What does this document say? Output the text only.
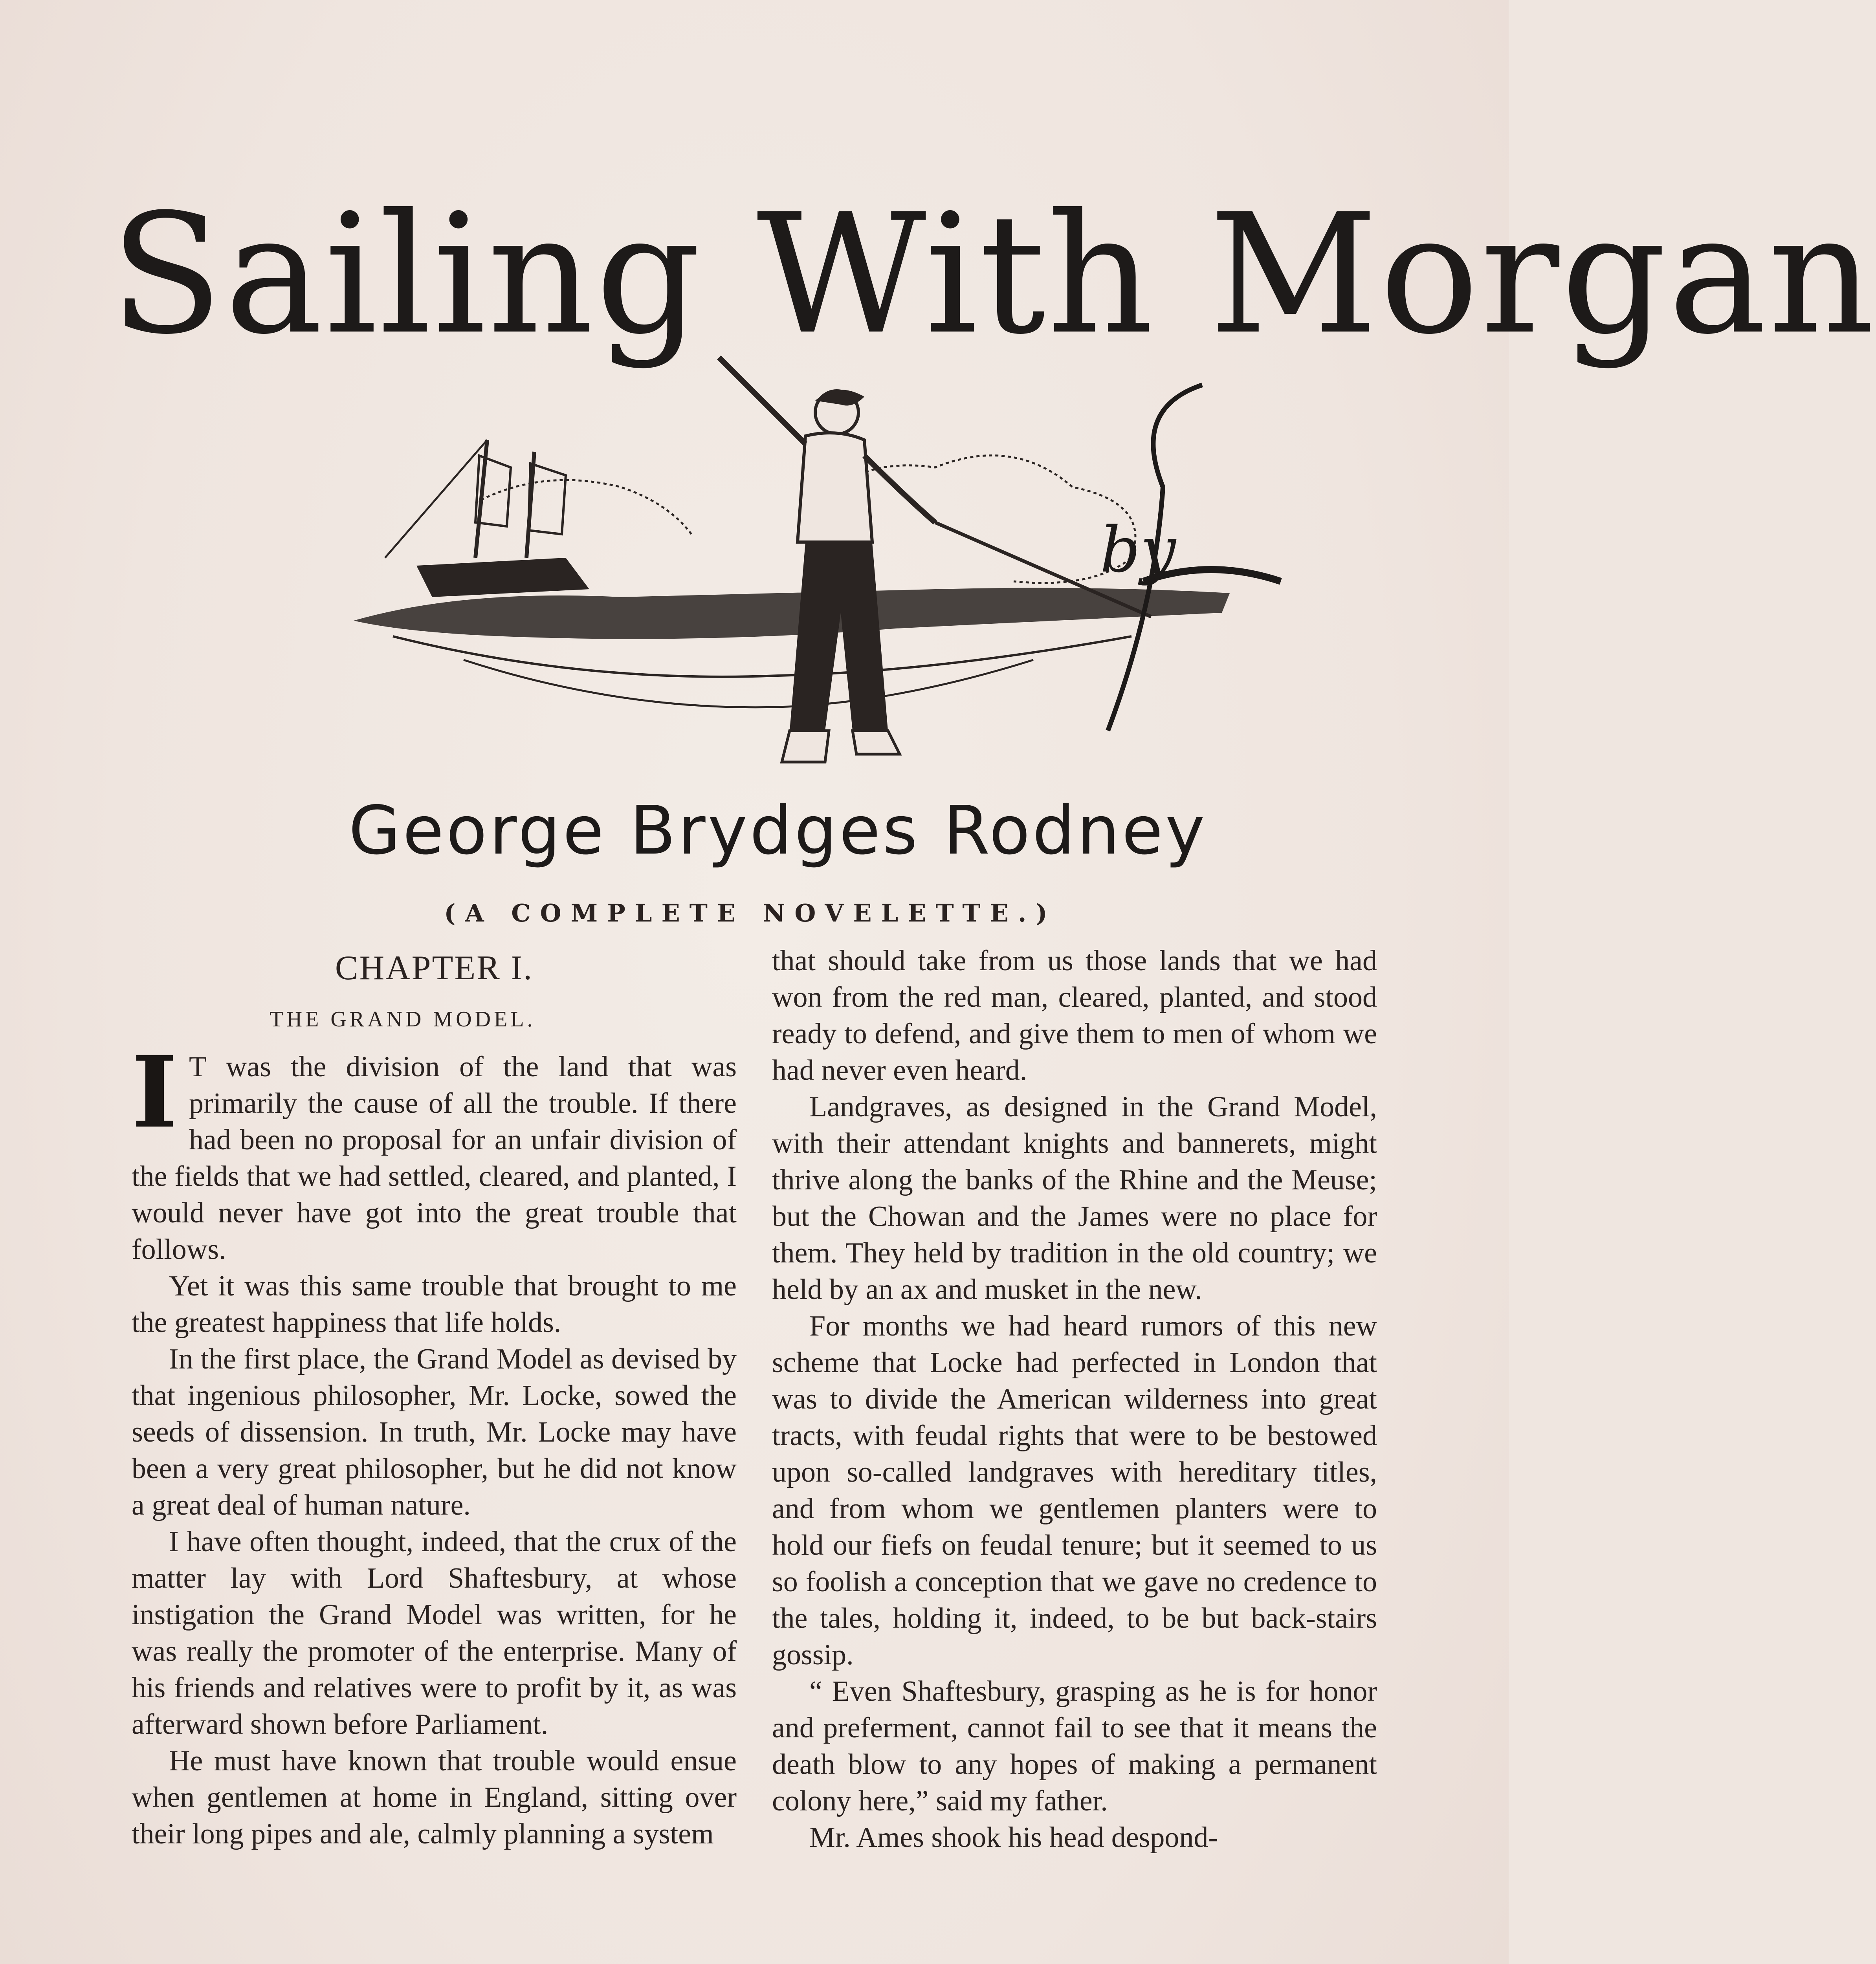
Sailing With Morgan
by
George Brydges Rodney
(A COMPLETE NOVELETTE.)
CHAPTER I.
THE GRAND MODEL.

I T was the division of the land that was primarily the cause of all the trouble. If there had been no proposal for an unfair division of the fields that we had settled, cleared, and planted, I would never have got into the great trouble that follows.

Yet it was this same trouble that brought to me the greatest happiness that life holds.

In the first place, the Grand Model as devised by that ingenious philosopher, Mr. Locke, sowed the seeds of dissension. In truth, Mr. Locke may have been a very great philosopher, but he did not know a great deal of human nature.

I have often thought, indeed, that the crux of the matter lay with Lord Shaftesbury, at whose instigation the Grand Model was written, for he was really the promoter of the enterprise. Many of his friends and relatives were to profit by it, as was afterward shown before Parliament.

He must have known that trouble would ensue when gentlemen at home in England, sitting over their long pipes and ale, calmly planning a system

that should take from us those lands that we had won from the red man, cleared, planted, and stood ready to defend, and give them to men of whom we had never even heard.

Landgraves, as designed in the Grand Model, with their attendant knights and bannerets, might thrive along the banks of the Rhine and the Meuse; but the Chowan and the James were no place for them. They held by tradition in the old country; we held by an ax and musket in the new.

For months we had heard rumors of this new scheme that Locke had perfected in London that was to divide the American wilderness into great tracts, with feudal rights that were to be bestowed upon so-called landgraves with hereditary titles, and from whom we gentlemen planters were to hold our fiefs on feudal tenure; but it seemed to us so foolish a conception that we gave no credence to the tales, holding it, indeed, to be but back-stairs gossip.

“ Even Shaftesbury, grasping as he is for honor and preferment, cannot fail to see that it means the death blow to any hopes of making a permanent colony here,” said my father.

Mr. Ames shook his head despond-
